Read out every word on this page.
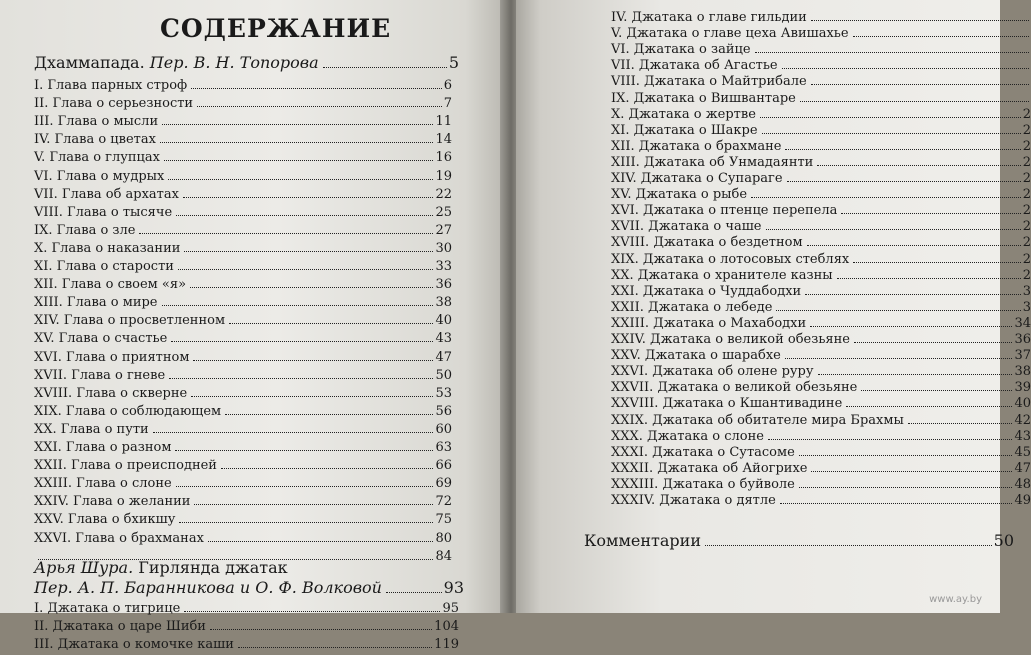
СОДЕРЖАНИЕ
Дхаммапада. Пер. В. Н. Топорова	5
I. Глава парных строф	6
II. Глава о серьезности	7
III. Глава о мысли	11
IV. Глава о цветах	14
V. Глава о глупцах	16
VI. Глава о мудрых	19
VII. Глава об архатах	22
VIII. Глава о тысяче	25
IX. Глава о зле	27
X. Глава о наказании	30
XI. Глава о старости	33
XII. Глава о своем «я»	36
XIII. Глава о мире	38
XIV. Глава о просветленном	40
XV. Глава о счастье	43
XVI. Глава о приятном	47
XVII. Глава о гневе	50
XVIII. Глава о скверне	53
XIX. Глава о соблюдающем	56
XX. Глава о пути	60
XXI. Глава о разном	63
XXII. Глава о преисподней	66
XXIII. Глава о слоне	69
XXIV. Глава о желании	72
XXV. Глава о бхикшу	75
XXVI. Глава о брахманах	80
84
Арья Шура. Гирлянда джатак
Пер. А. П. Баранникова и О. Ф. Волковой	93
I. Джатака о тигрице	95
II. Джатака о царе Шиби	104
III. Джатака о комочке каши	119
IV. Джатака о главе гильдии
V. Джатака о главе цеха Авишахье
VI. Джатака о зайце
VII. Джатака об Агастье
VIII. Джатака о Майтрибале
IX. Джатака о Вишвантаре
X. Джатака о жертве	2
XI. Джатака о Шакре	2
XII. Джатака о брахмане	2
XIII. Джатака об Унмадаянти	2
XIV. Джатака о Супараге	2
XV. Джатака о рыбе	2
XVI. Джатака о птенце перепела	2
XVII. Джатака о чаше	2
XVIII. Джатака о бездетном	2
XIX. Джатака о лотосовых стеблях	2
XX. Джатака о хранителе казны	2
XXI. Джатака о Чуддабодхи	3
XXII. Джатака о лебеде	3
XXIII. Джатака о Махабодхи	34
XXIV. Джатака о великой обезьяне	36
XXV. Джатака о шарабхе	37
XXVI. Джатака об олене руру	38
XXVII. Джатака о великой обезьяне	39
XXVIII. Джатака о Кшантивадине	40
XXIX. Джатака об обитателе мира Брахмы	42
XXX. Джатака о слоне	43
XXXI. Джатака о Сутасоме	45
XXXII. Джатака об Айогрихе	47
XXXIII. Джатака о буйволе	48
XXXIV. Джатака о дятле	49
Комментарии	50
www.ay.by
